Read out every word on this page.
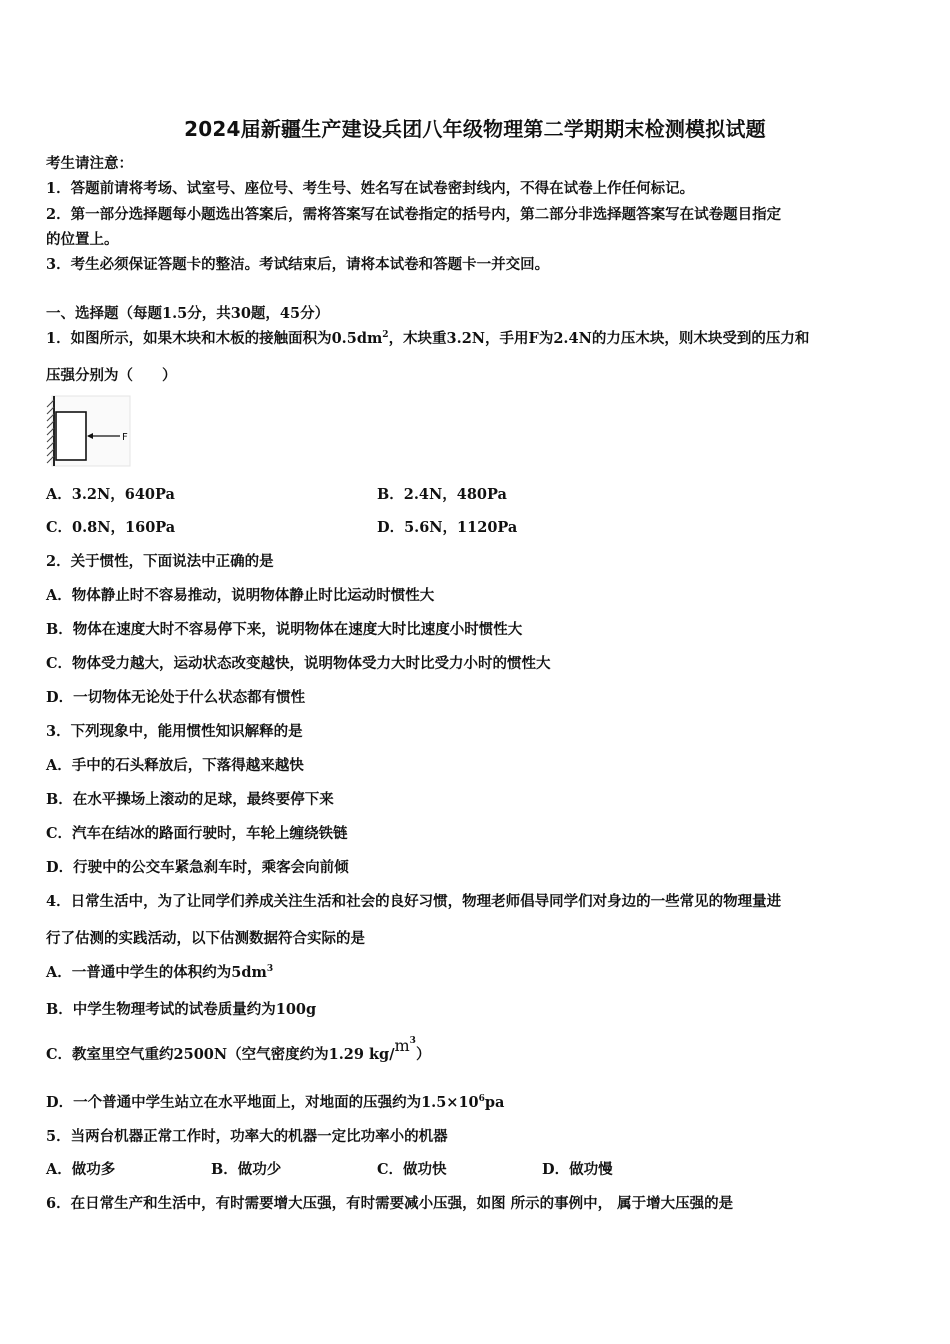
2024届新疆生产建设兵团八年级物理第二学期期末检测模拟试题
考生请注意：
1．答题前请将考场、试室号、座位号、考生号、姓名写在试卷密封线内，不得在试卷上作任何标记。
2．第一部分选择题每小题选出答案后，需将答案写在试卷指定的括号内，第二部分非选择题答案写在试卷题目指定
的位置上。
3．考生必须保证答题卡的整洁。考试结束后，请将本试卷和答题卡一并交回。
一、选择题（每题1.5分，共30题，45分）
1．如图所示，如果木块和木板的接触面积为$0.5dm^2$，木块重3.2N，手用F为2.4N的力压木块，则木块受到的压力和
压强分别为（　　）
F
A．3.2N，640Pa	B．2.4N，480Pa
C．0.8N，160Pa	D．5.6N，1120Pa
2．关于惯性，下面说法中正确的是
A．物体静止时不容易推动，说明物体静止时比运动时惯性大
B．物体在速度大时不容易停下来，说明物体在速度大时比速度小时惯性大
C．物体受力越大，运动状态改变越快，说明物体受力大时比受力小时的惯性大
D．一切物体无论处于什么状态都有惯性
3．下列现象中，能用惯性知识解释的是
A．手中的石头释放后，下落得越来越快
B．在水平操场上滚动的足球，最终要停下来
C．汽车在结冰的路面行驶时，车轮上缠绕铁链
D．行驶中的公交车紧急刹车时，乘客会向前倾
4．日常生活中，为了让同学们养成关注生活和社会的良好习惯，物理老师倡导同学们对身边的一些常见的物理量进
行了估测的实践活动，以下估测数据符合实际的是
A．一普通中学生的体积约为$5dm^3$
B．中学生物理考试的试卷质量约为100g
C．教室里空气重约2500N（空气密度约为1.29 $kg/m^3$）
D．一个普通中学生站立在水平地面上，对地面的压强约为$1.5\times 10^6pa$
5．当两台机器正常工作时，功率大的机器一定比功率小的机器
A．做功多	B．做功少	C．做功快	D．做功慢
6．在日常生产和生活中，有时需要增大压强，有时需要减小压强，如图 所示的事例中， 属于增大压强的是
